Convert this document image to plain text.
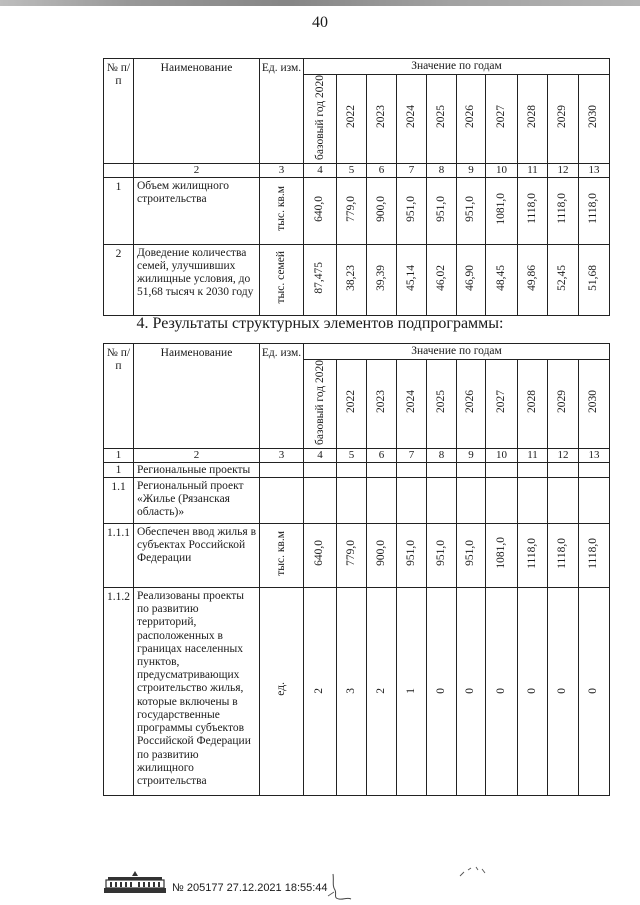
40
№ п/п	Наименование	Ед. изм.	Значение по годам									
			базовый год 2020	2022	2023	2024	2025	2026	2027	2028	2029	2030
	2	3	4	5	6	7	8	9	10	11	12	13
1	Объем жилищного строительства	тыс. кв.м	640,0	779,0	900,0	951,0	951,0	951,0	1081,0	1118,0	1118,0	1118,0
2	Доведение количества семей, улучшивших жилищные условия, до 51,68 тысяч к 2030 году	тыс. семей	87,475	38,23	39,39	45,14	46,02	46,90	48,45	49,86	52,45	51,68
4. Результаты структурных элементов подпрограммы:
№ п/п	Наименование	Ед. изм.	Значение по годам										
			базовый год 2020	2022	2023	2024	2025	2026	2027	2028	2029	2030	
1	2	3	4	5	6	7	8	9	10	11	12	13	
1	Региональные проекты												
1.1	Региональный проект «Жилье (Рязанская область)»												
1.1.1	Обеспечен ввод жилья в субъектах Российской Федерации	тыс. кв.м	640,0	779,0	900,0	951,0	951,0	951,0	1081,0	1118,0	1118,0	1118,0	
1.1.2	Реализованы проекты по развитию территорий, расположенных в границах населенных пунктов, предусматривающих строительство жилья, которые включены в государственные программы субъектов Российской Федерации по развитию жилищного строительства	ед.	2	3	2	1	0	0	0	0	0	0	
№ 205177 27.12.2021 18:55:44
